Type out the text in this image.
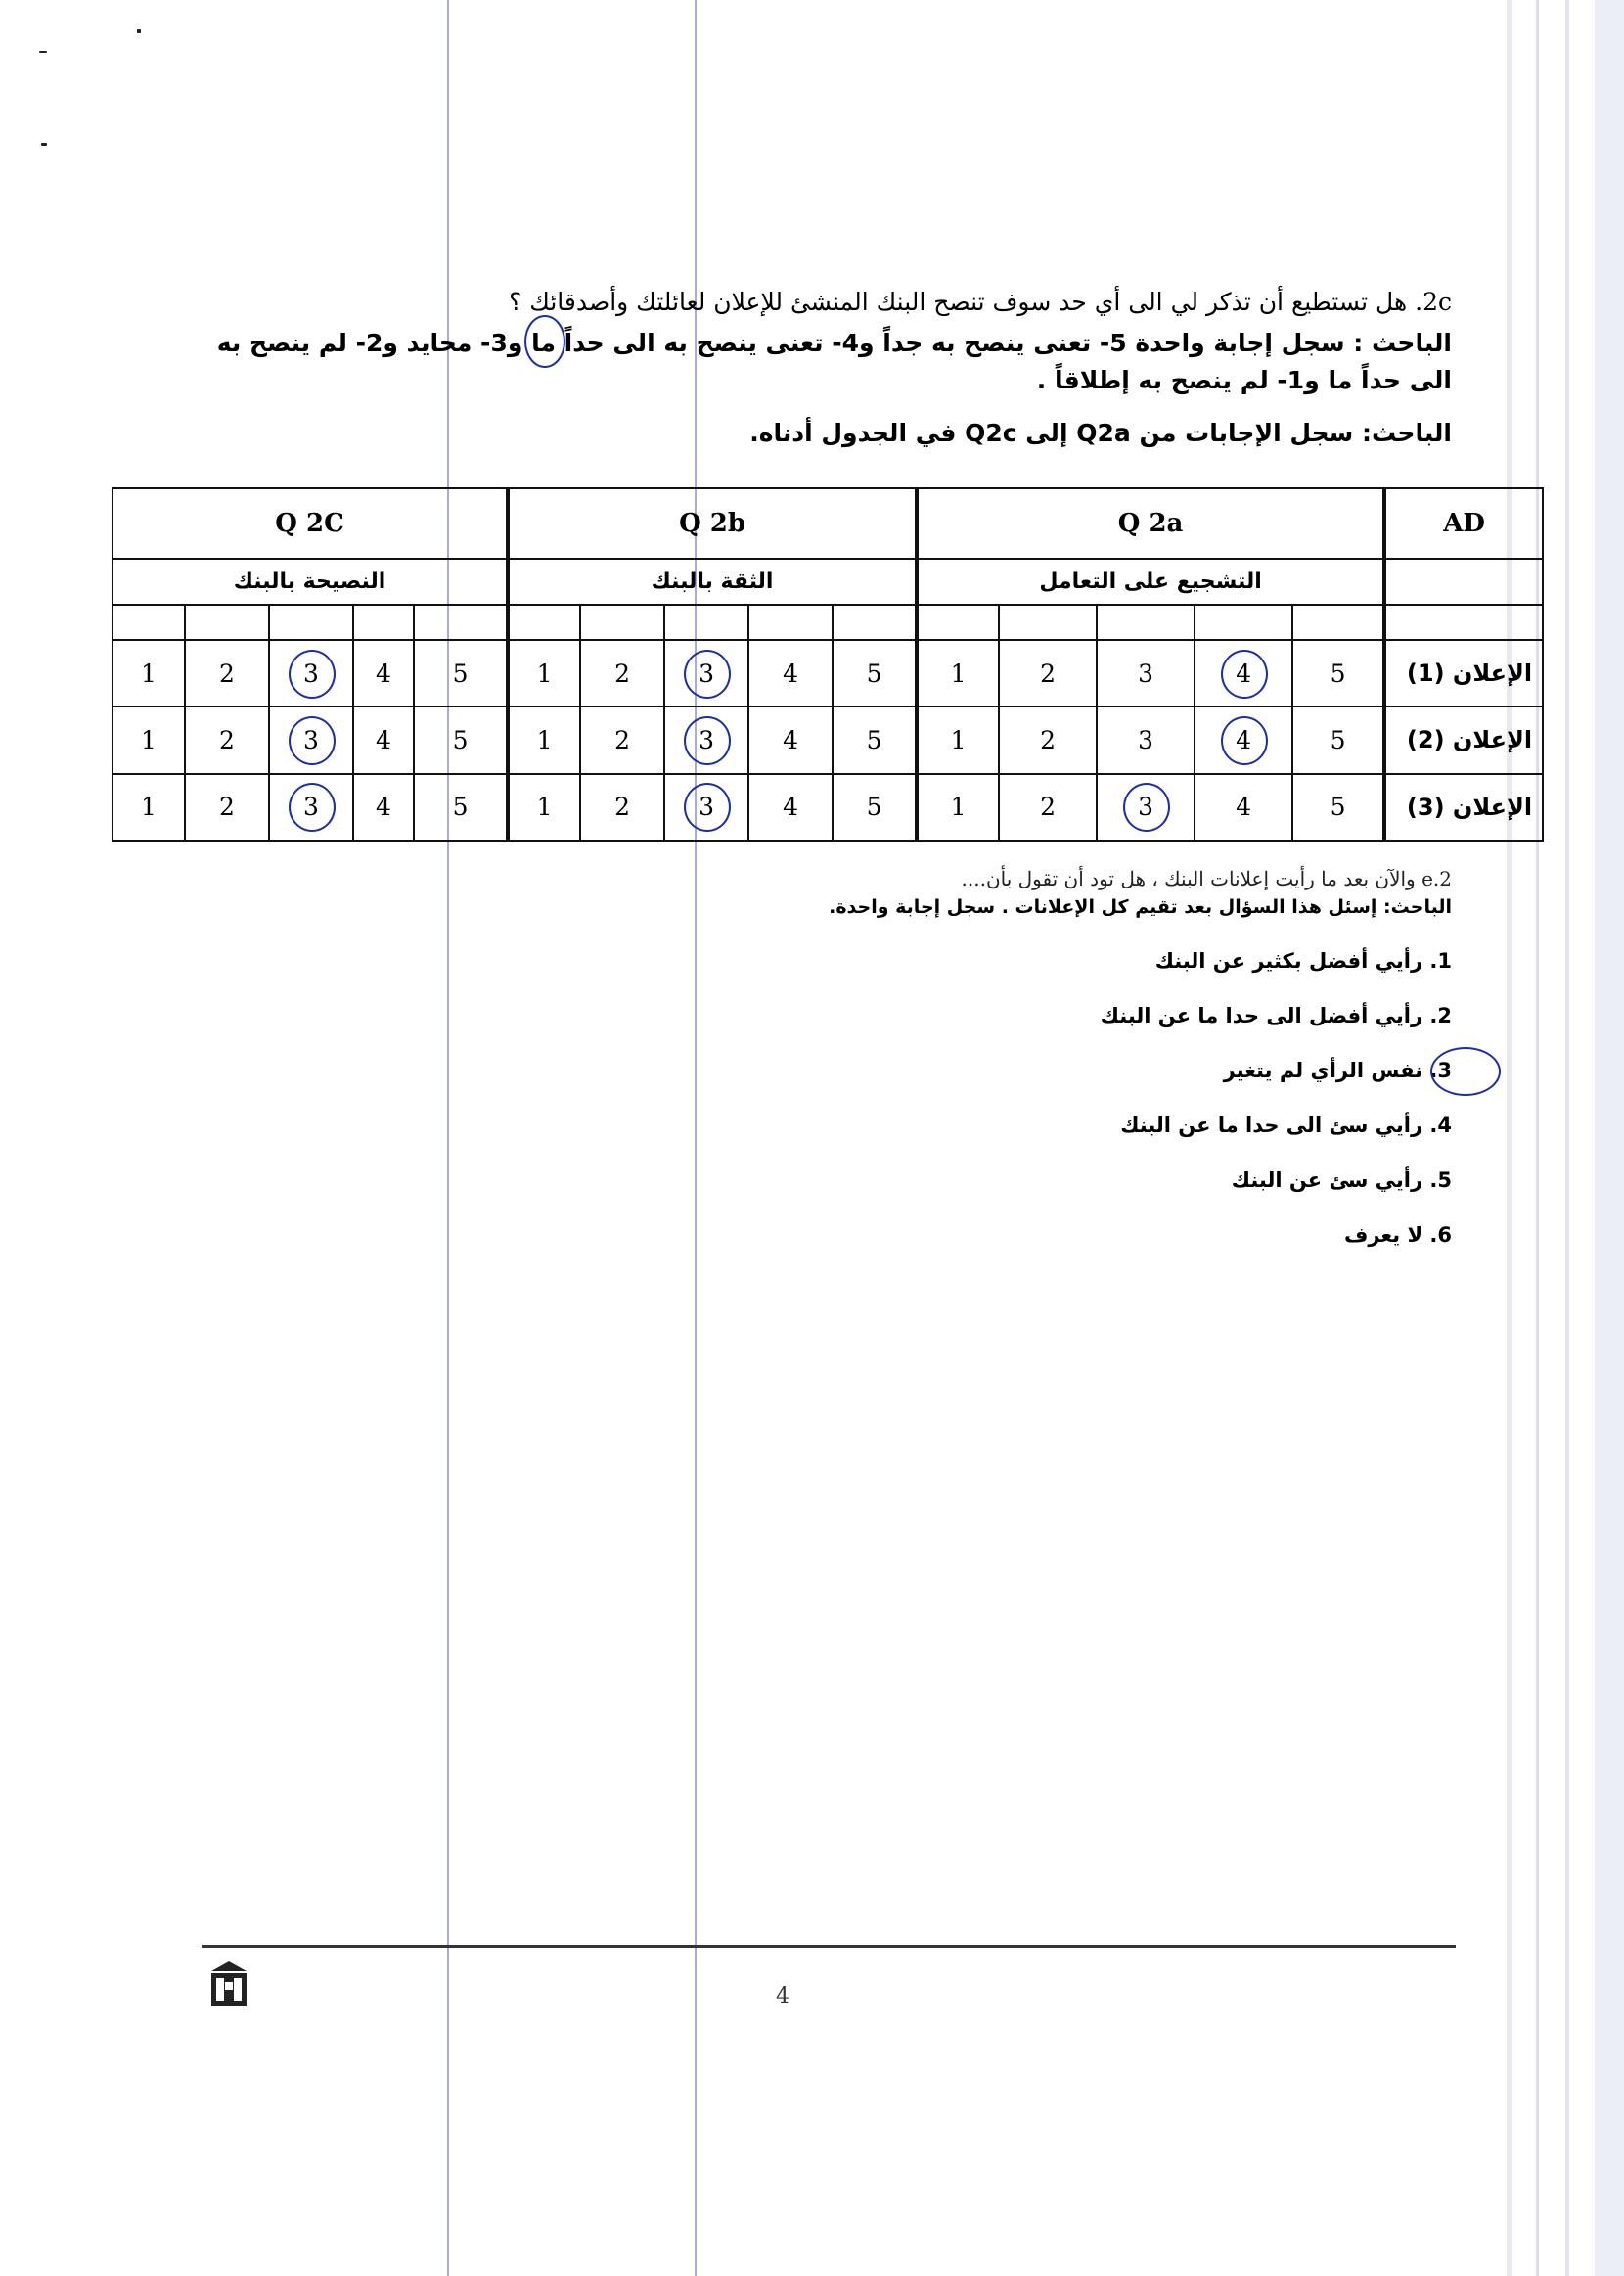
2c. هل تستطيع أن تذكر لي الى أي حد سوف تنصح البنك المنشئ للإعلان لعائلتك وأصدقائك ؟
الباحث : سجل إجابة واحدة 5- تعنى ينصح به جداً و4- تعنى ينصح به الى حداً ما و3- محايد و2- لم ينصح به الى حداً ما و1- لم ينصح به إطلاقاً .
الباحث: سجل الإجابات من Q2a إلى Q2c في الجدول أدناه.
Q 2C					Q 2b					Q 2a					AD
النصيحة بالبنك					الثقة بالبنك					التشجيع على التعامل					

1	2	3	4	5	1	2	3	4	5	1	2	3	4	5	الإعلان (1)
1	2	3	4	5	1	2	3	4	5	1	2	3	4	5	الإعلان (2)
1	2	3	4	5	1	2	3	4	5	1	2	3	4	5	الإعلان (3)
2.e والآن بعد ما رأيت إعلانات البنك ، هل تود أن تقول بأن....
الباحث: إسئل هذا السؤال بعد تقيم كل الإعلانات . سجل إجابة واحدة.
1. رأيي أفضل بكثير عن البنك
2. رأيي أفضل الى حدا ما عن البنك
3. نفس الرأي لم يتغير
4. رأيي سئ الى حدا ما عن البنك
5. رأيي سئ عن البنك
6. لا يعرف
4
